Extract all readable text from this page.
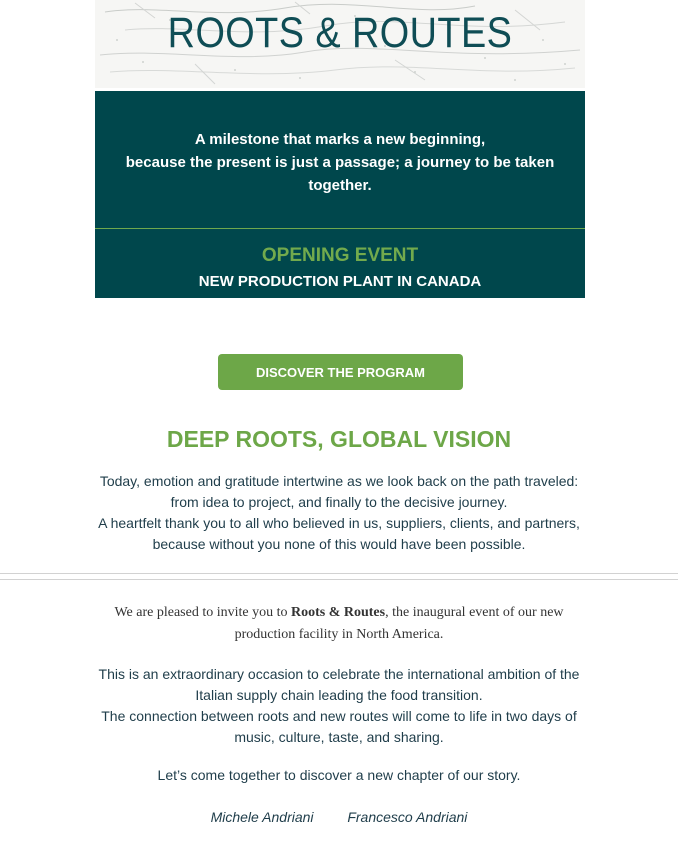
ROOTS & ROUTES
A milestone that marks a new beginning,
because the present is just a passage; a journey to be taken together.
OPENING EVENT
NEW PRODUCTION PLANT IN CANADA
DISCOVER THE PROGRAM
DEEP ROOTS, GLOBAL VISION
Today, emotion and gratitude intertwine as we look back on the path traveled:
from idea to project, and finally to the decisive journey.
A heartfelt thank you to all who believed in us, suppliers, clients, and partners,
because without you none of this would have been possible.
We are pleased to invite you to Roots & Routes, the inaugural event of our new production facility in North America.
This is an extraordinary occasion to celebrate the international ambition of the
Italian supply chain leading the food transition.
The connection between roots and new routes will come to life in two days of
music, culture, taste, and sharing.
Let’s come together to discover a new chapter of our story.
Michele Andriani Francesco Andriani
